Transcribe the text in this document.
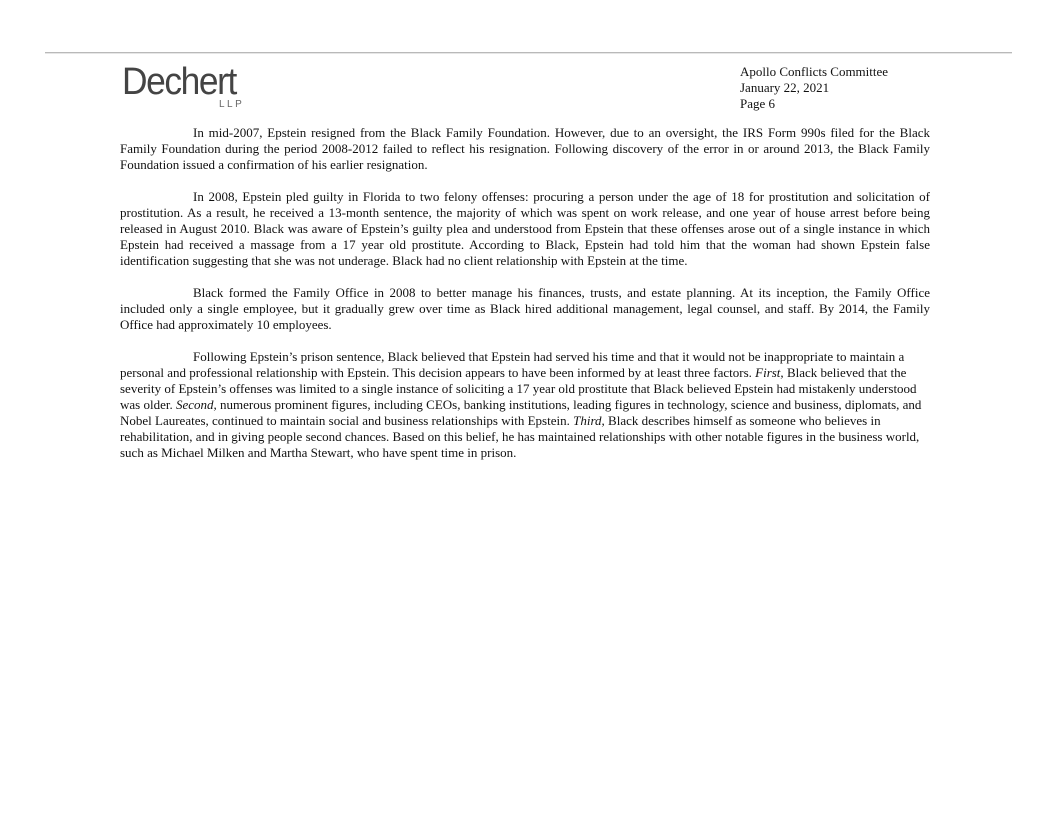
Dechert
LLP
Apollo Conflicts Committee
January 22, 2021
Page 6

In mid-2007, Epstein resigned from the Black Family Foundation. However, due to an oversight, the IRS Form 990s filed for the Black Family Foundation during the period 2008-2012 failed to reflect his resignation. Following discovery of the error in or around 2013, the Black Family Foundation issued a confirmation of his earlier resignation.

In 2008, Epstein pled guilty in Florida to two felony offenses: procuring a person under the age of 18 for prostitution and solicitation of prostitution. As a result, he received a 13-month sentence, the majority of which was spent on work release, and one year of house arrest before being released in August 2010. Black was aware of Epstein’s guilty plea and understood from Epstein that these offenses arose out of a single instance in which Epstein had received a massage from a 17 year old prostitute. According to Black, Epstein had told him that the woman had shown Epstein false identification suggesting that she was not underage. Black had no client relationship with Epstein at the time.

Black formed the Family Office in 2008 to better manage his finances, trusts, and estate planning. At its inception, the Family Office included only a single employee, but it gradually grew over time as Black hired additional management, legal counsel, and staff. By 2014, the Family Office had approximately 10 employees.

Following Epstein’s prison sentence, Black believed that Epstein had served his time and that it would not be inappropriate to maintain a personal and professional relationship with Epstein. This decision appears to have been informed by at least three factors. First, Black believed that the severity of Epstein’s offenses was limited to a single instance of soliciting a 17 year old prostitute that Black believed Epstein had mistakenly understood was older. Second, numerous prominent figures, including CEOs, banking institutions, leading figures in technology, science and business, diplomats, and Nobel Laureates, continued to maintain social and business relationships with Epstein. Third, Black describes himself as someone who believes in rehabilitation, and in giving people second chances. Based on this belief, he has maintained relationships with other notable figures in the business world, such as Michael Milken and Martha Stewart, who have spent time in prison.
